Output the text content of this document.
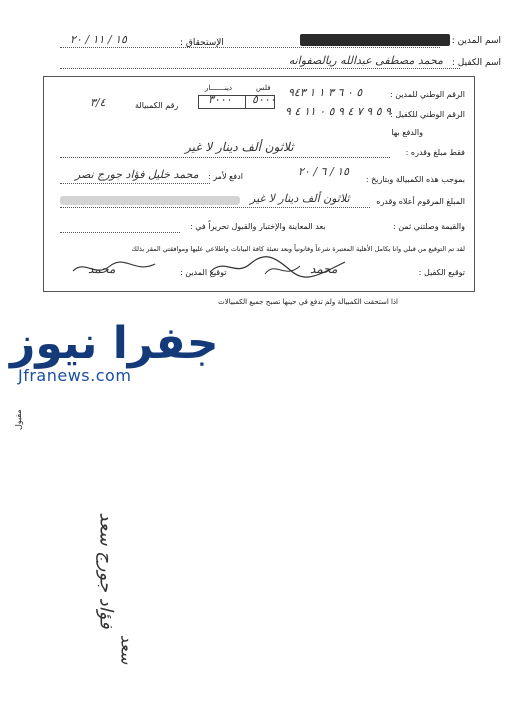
اسم المدين :
الإستحقاق :
١٥ / ١١ / ٢٠
اسم الكفيل :
محمد مصطفى عبدالله ريالصفوانه
الرقم الوطني للمدين :
٥ ٠ ٦ ٣ ١ ١ ٩٤٣
الرقم الوطني للكفيل :
٩ ٥ ٩ ٧ ٤ ٩ ٥ ٠ ١١ ٤ ٩
والدفع بها
فلس
دينـــــــار
٥٠٠٠
٣٠٠٠
رقم الكمبيالة
٣/٤
فقط مبلغ وقدره :
ثلاثون ألف دينار لا غير
بموجب هذه الكمبيالة وبتاريخ :
١٥ / ٦ / ٢٠
ادفع لأمر :
محمد خليل فؤاد جورج نصر
المبلغ المرقوم أعلاه وقدره
ثلاثون ألف دينار لا غير
والقيمة وصلتني ثمن :
بعد المعاينة والإختبار والقبول تحريراً في :
لقد تم التوقيع من قبلي وانا بكامل الأهلية المعتبرة شرعاً وقانونياً وبعد تعبئة كافة البيانات واطلاعي عليها وموافقتي المقر بذلك
توقيع الكفيل :
محمد
توقيع المدين :
محمد
اذا استحقت الكمبيالة ولم تدفع في حينها تصبح جميع الكمبيالات
جفرا نيوز
Jfranews.com
مقبول
فؤاد جورج سعد
سعد
